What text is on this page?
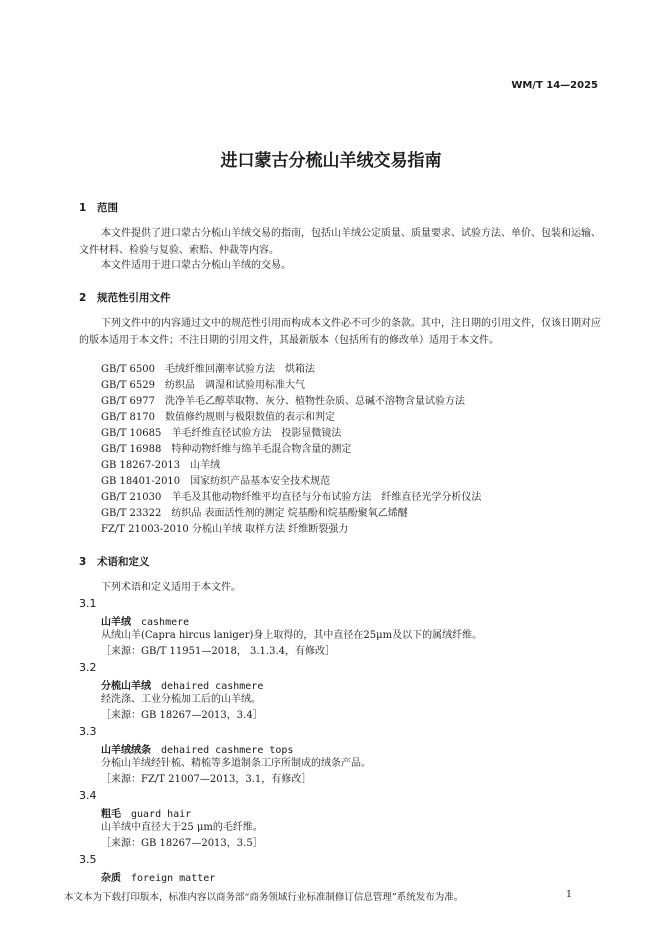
WM/T 14—2025
进口蒙古分梳山羊绒交易指南
1 范围
本文件提供了进口蒙古分梳山羊绒交易的指南，包括山羊绒公定质量、质量要求、试验方法、单价、包装和运输、文件材料、检验与复验、索赔、仲裁等内容。
本文件适用于进口蒙古分梳山羊绒的交易。
2 规范性引用文件
下列文件中的内容通过文中的规范性引用而构成本文件必不可少的条款。其中，注日期的引用文件，仅该日期对应的版本适用于本文件；不注日期的引用文件，其最新版本（包括所有的修改单）适用于本文件。
GB/T 6500　毛绒纤维回潮率试验方法　烘箱法
GB/T 6529　纺织品　调湿和试验用标准大气
GB/T 6977　洗净羊毛乙醇萃取物、灰分、植物性杂质、总碱不溶物含量试验方法
GB/T 8170　数值修约规则与极限数值的表示和判定
GB/T 10685　羊毛纤维直径试验方法　投影显微镜法
GB/T 16988　特种动物纤维与绵羊毛混合物含量的测定
GB 18267-2013　山羊绒
GB 18401-2010　国家纺织产品基本安全技术规范
GB/T 21030　羊毛及其他动物纤维平均直径与分布试验方法　纤维直径光学分析仪法
GB/T 23322　纺织品 表面活性剂的测定 烷基酚和烷基酚聚氧乙烯醚
FZ/T 21003-2010 分梳山羊绒 取样方法 纤维断裂强力
3 术语和定义
下列术语和定义适用于本文件。
3.1
山羊绒 cashmere
从绒山羊(Capra hircus laniger)身上取得的，其中直径在25μm及以下的属绒纤维。
［来源：GB/T 11951—2018， 3.1.3.4，有修改］
3.2
分梳山羊绒 dehaired cashmere
经洗涤、工业分梳加工后的山羊绒。
［来源：GB 18267—2013，3.4］
3.3
山羊绒绒条 dehaired cashmere tops
分梳山羊绒经针梳、精梳等多道制条工序所制成的绒条产品。
［来源：FZ/T 21007—2013，3.1，有修改］
3.4
粗毛 guard hair
山羊绒中直径大于25 μm的毛纤维。
［来源：GB 18267—2013，3.5］
3.5
杂质 foreign matter
本文本为下载打印版本，标准内容以商务部“商务领域行业标准制修订信息管理”系统发布为准。	1
